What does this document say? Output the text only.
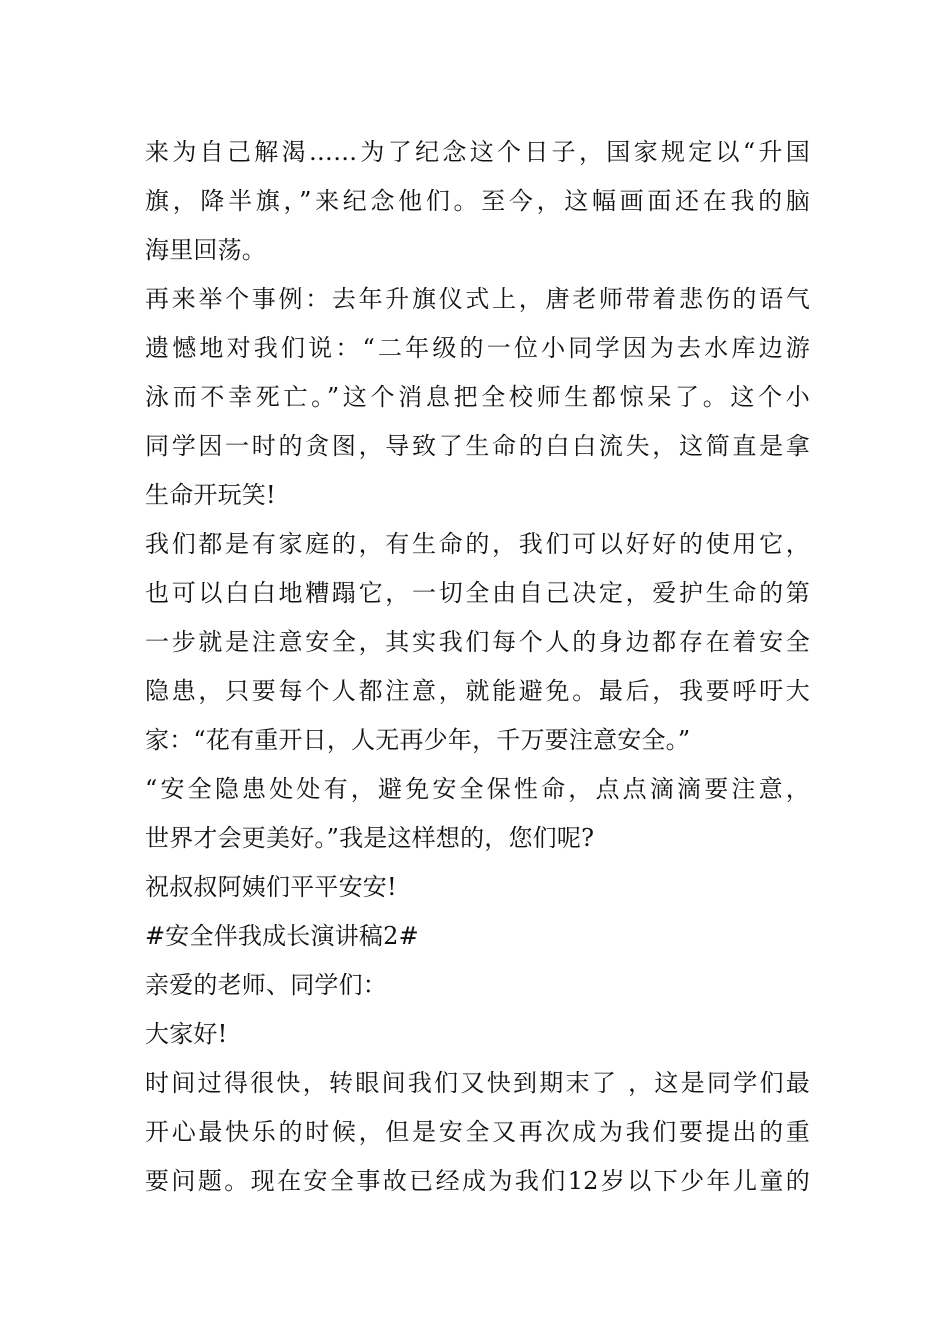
来为自己解渴……为了纪念这个日子，国家规定以“升国
旗，降半旗，”来纪念他们。至今，这幅画面还在我的脑
海里回荡。
再来举个事例：去年升旗仪式上，唐老师带着悲伤的语气
遗憾地对我们说：“二年级的一位小同学因为去水库边游
泳而不幸死亡。”这个消息把全校师生都惊呆了。这个小
同学因一时的贪图，导致了生命的白白流失，这简直是拿
生命开玩笑!
我们都是有家庭的，有生命的，我们可以好好的使用它，
也可以白白地糟蹋它，一切全由自己决定，爱护生命的第
一步就是注意安全，其实我们每个人的身边都存在着安全
隐患，只要每个人都注意，就能避免。最后，我要呼吁大
家：“花有重开日，人无再少年，千万要注意安全。”
“安全隐患处处有，避免安全保性命，点点滴滴要注意，
世界才会更美好。”我是这样想的，您们呢?
祝叔叔阿姨们平平安安!
#安全伴我成长演讲稿2#
亲爱的老师、同学们：
大家好!
时间过得很快，转眼间我们又快到期末了 ，这是同学们最
开心最快乐的时候，但是安全又再次成为我们要提出的重
要问题。现在安全事故已经成为我们12岁以下少年儿童的
